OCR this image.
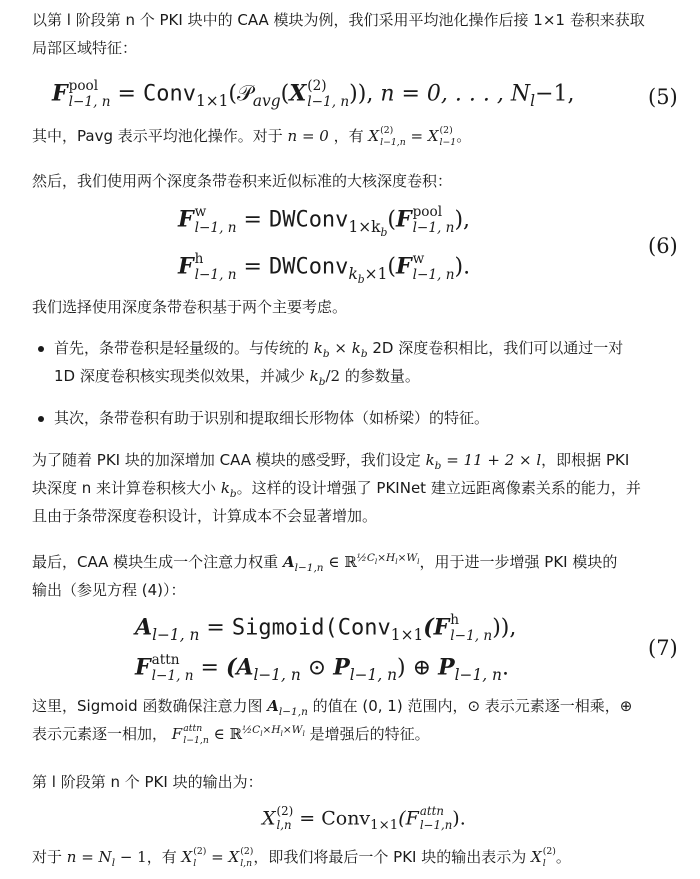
以第 l 阶段第 n 个 PKI 块中的 CAA 模块为例，我们采用平均池化操作后接 1×1 卷积来获取
局部区域特征：

F pool
l−1, n = Conv$_{1\times 1}$(𝒫$_{avg}$(X (2)
l−1, n )), n = 0, . . . , $N_l-1$,	(5)

其中，Pavg 表示平均池化操作。对于 n = 0 ，有 X (2)
l−1,n = X (2)
l−1 。

然后，我们使用两个深度条带卷积来近似标准的大核深度卷积：

F w
l−1, n = DWConv$_{1\times k_b}$(F pool
l−1, n ),
F h
l−1, n = DWConv$_{k_b\times 1}$(F w
l−1, n ).
(6)

我们选择使用深度条带卷积基于两个主要考虑。

首先，条带卷积是轻量级的。与传统的 $k_b \times k_b$ 2D 深度卷积相比，我们可以通过一对
1D 深度卷积核实现类似效果，并减少 $k_b/2$ 的参数量。
其次，条带卷积有助于识别和提取细长形物体（如桥梁）的特征。

为了随着 PKI 块的加深增加 CAA 模块的感受野，我们设定 $k_b = 11 + 2 \times l$，即根据 PKI
块深度 n 来计算卷积核大小 $k_b$。这样的设计增强了 PKINet 建立远距离像素关系的能力，并
且由于条带深度卷积设计，计算成本不会显著增加。

最后，CAA 模块生成一个注意力权重 $A_{l-1,n}$ ∈ ℝ$^{\frac{1}{2}C_l\times H_l\times W_l}$，用于进一步增强 PKI 模块的
输出（参见方程 (4)）：

$A_{l-1, n}$ = Sigmoid(Conv$_{1\times 1}$(F h
l−1, n )),
F attn
l−1, $n = (A_{l-1, n}$ ⊙ $P_{l-1, n}$) ⊕ $P_{l-1, n}$.
(7)

这里，Sigmoid 函数确保注意力图 $A_{l-1,n}$ 的值在 (0, 1) 范围内，⊙ 表示元素逐一相乘，⊕
表示元素逐一相加， F attn
l−1,n ∈ ℝ$^{\frac{1}{2}C_l\times H_l\times W_l}$ 是增强后的特征。

第 l 阶段第 n 个 PKI 块的输出为：

X (2)
l,n = Conv$_{1\times 1}$(F attn
l−1,n ).

对于 $n = N_l - 1$，有 X (2)
l = X (2)
l,n ，即我们将最后一个 PKI 块的输出表示为 X (2)
l 。
